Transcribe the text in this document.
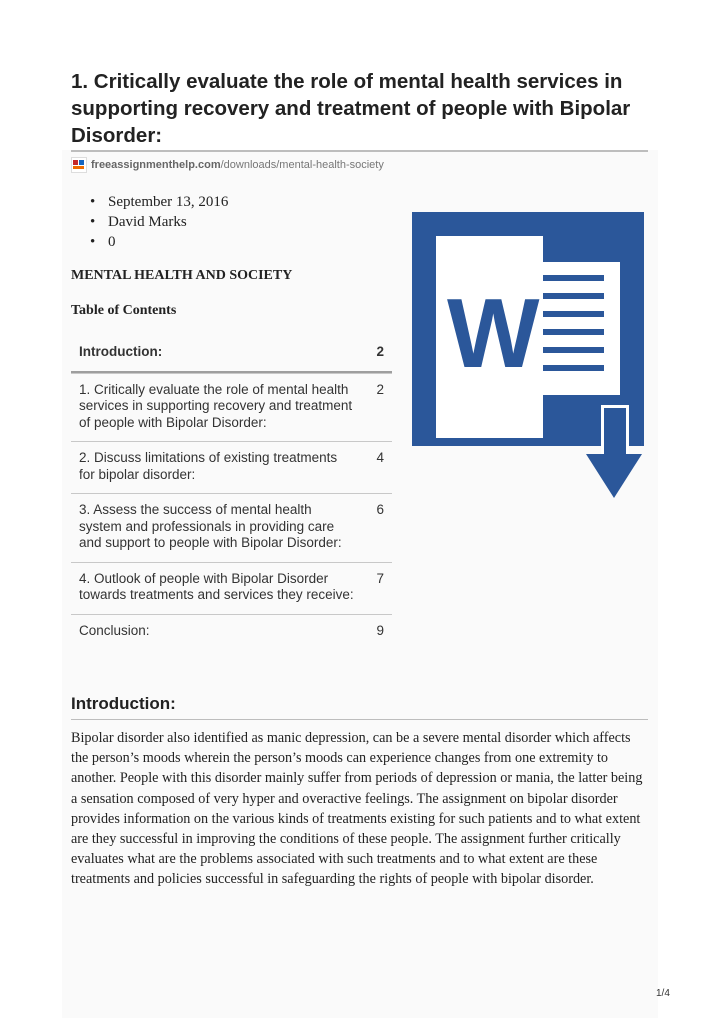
1. Critically evaluate the role of mental health services in supporting recovery and treatment of people with Bipolar Disorder:
freeassignmenthelp.com /downloads/mental-health-society
• September 13, 2016
• David Marks
• 0
MENTAL HEALTH AND SOCIETY
Table of Contents
Introduction:	2
1. Critically evaluate the role of mental health services in supporting recovery and treatment of people with Bipolar Disorder:
2
2. Discuss limitations of existing treatments for bipolar disorder:
4
3. Assess the success of mental health system and professionals in providing care and support to people with Bipolar Disorder:
6
4. Outlook of people with Bipolar Disorder towards treatments and services they receive:
7
Conclusion:	9
W
Introduction:

Bipolar disorder also identified as manic depression, can be a severe mental disorder which affects the person’s moods wherein the person’s moods can experience changes from one extremity to another. People with this disorder mainly suffer from periods of depression or mania, the latter being a sensation composed of very hyper and overactive feelings. The assignment on bipolar disorder provides information on the various kinds of treatments existing for such patients and to what extent are they successful in improving the conditions of these people. The assignment further critically evaluates what are the problems associated with such treatments and to what extent are these treatments and policies successful in safeguarding the rights of people with bipolar disorder.

1/4
